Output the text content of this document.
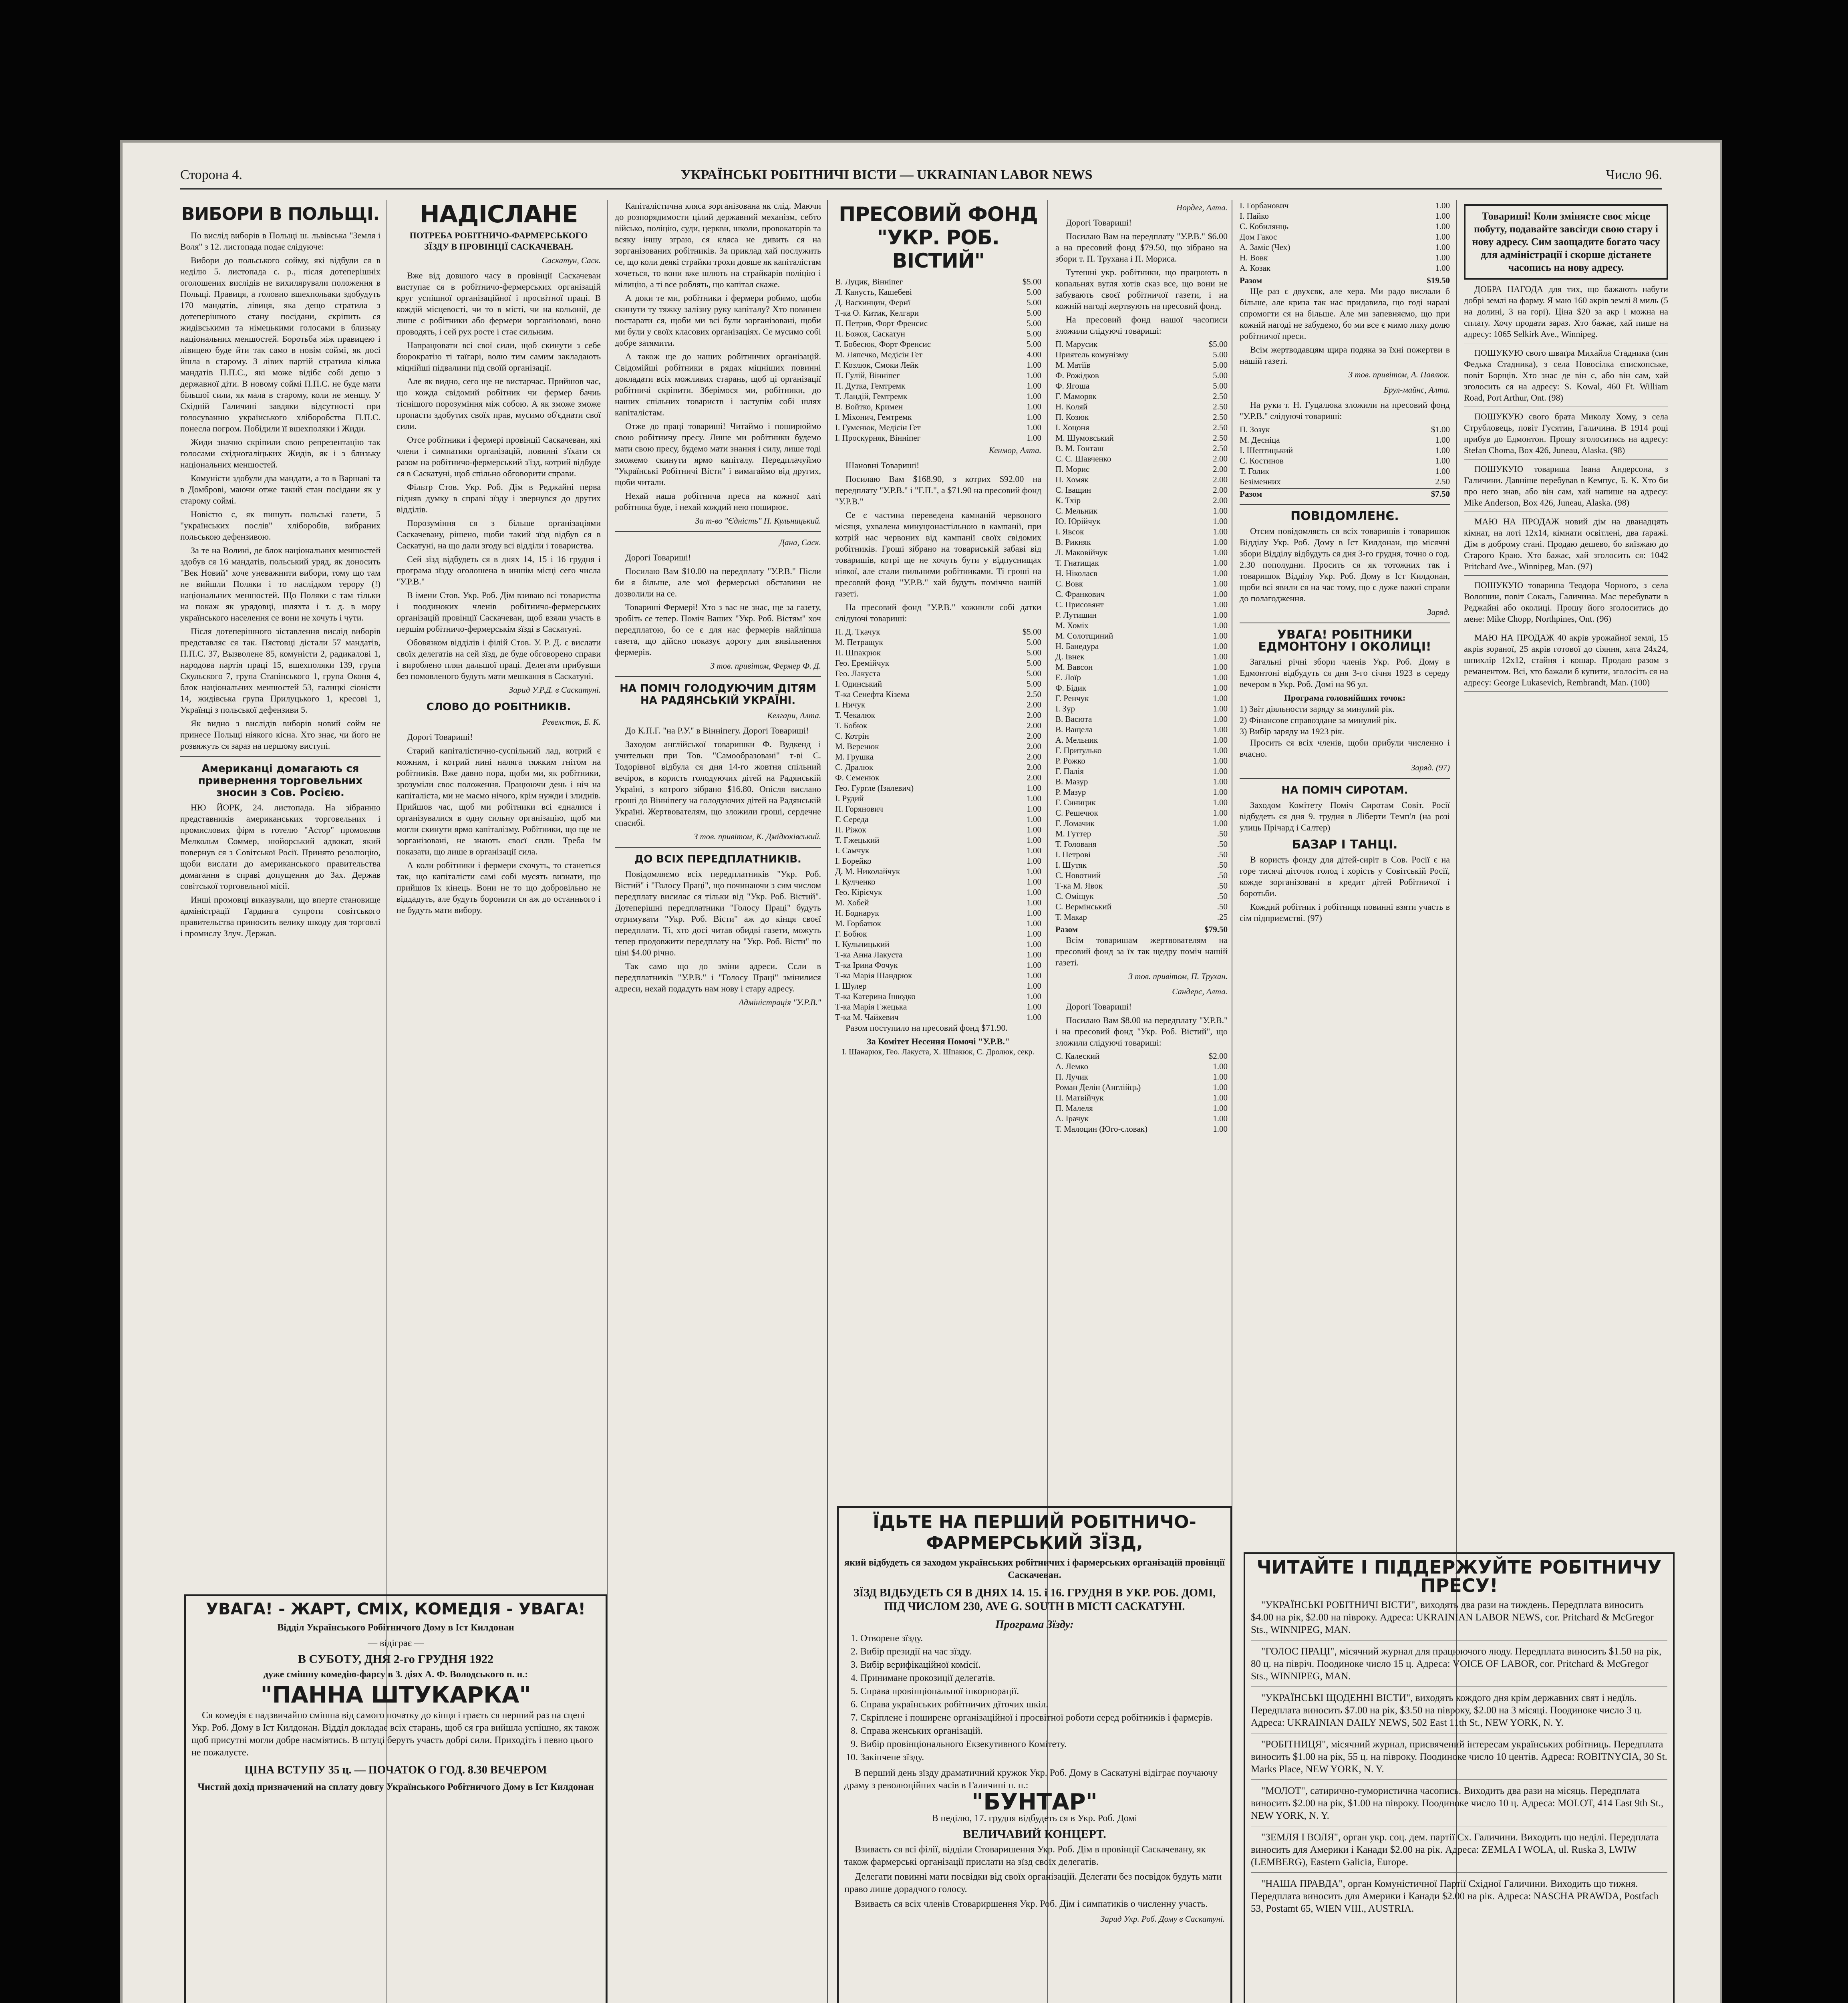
Сторона 4.	УКРАЇНСЬКІ РОБІТНИЧІ ВІСТИ — UKRAINIAN LABOR NEWS	Число 96.
ВИБОРИ В ПОЛЬЩІ.

По вислід виборів в Польщі ш. львівська "Земля і Воля" з 12. листопада подає слідуюче:

Вибори до польського сойму, які відбули ся в неділю 5. листопада с. р., після дотеперішніх оголошених вислідів не вихилярували положення в Польщі. Правиця, а головно вшехпольаки здобудуть 170 мандатів, лівиця, яка дещо стратила з дотеперішного стану посідани, скріпить ся жидівськими та німецькими голосами в близьку національних меншостей. Боротьба між правицею і лівицею буде йти так само в новім соймі, як досі йшла в старому. З лівих партій стратила кілька мандатів П.П.С., які може відібє собі дещо з державної діти. В новому соймі П.П.С. не буде мати більшої сили, як мала в старому, коли не меншу. У Східній Галичині завдяки відсутності при голосуванню українського хліборобства П.П.С. понесла погром. Побідили її вшехполяки і Жиди.

Жиди значно скріпили свою репрезентацію так голосами східногаліцьких Жидів, як і з близьку національних меншостей.

Комуністи здобули два мандати, а то в Варшаві та в Домброві, маючи отже такий стан посідани як у старому соймі.

Новістю є, як пишуть польські газети, 5 "українських послів" хліборобів, вибраних польською дефензивою.

За те на Волині, де блок національних меншостей здобув ся 16 мандатів, польський уряд, як доносить "Век Новий" хоче уневажнити вибори, тому що там не вийшли Поляки і то наслідком терору (!) національних меншостей. Що Поляки є там тільки на покаж як урядовці, шляхта і т. д. в мору українського населення се вони не хочуть і чути.

Після дотеперішного зіставлення вислід виборів представляє ся так. Пястовці дістали 57 мандатів, П.П.С. 37, Вызволене 85, комуністи 2, радикалові 1, народова партія праці 15, вшехполяки 139, група Скульского 7, група Стапінського 1, група Оконя 4, блок національних меншостей 53, галицкі сіоністи 14, жидівська група Прилуцького 1, кресові 1, Українці з польської дефензиви 5.

Як видно з вислідів виборів новий сойм не принесе Польщі ніякого кісна. Хто знає, чи його не розвяжуть ся зараз на першому виступі.

Американці домагають ся привернення торговельних зносин з Сов. Росією.

НЮ ЙОРК, 24. листопада. На зібранню представників американських торговельних і промислових фірм в готелю "Астор" промовляв Мелкольм Соммер, нюйорський адвокат, який повернув ся з Совітської Росії. Принято резолюцію, щоби вислати до американського правительства домагання в справі допущення до Зах. Держав совітської торговельної місії.

Инші промовці виказували, що вперте становище адміністрації Гардинга супроти совітського правительства приносить велику шкоду для торговлі і промислу Злуч. Держав.

НАДІСЛАНЕ
ПОТРЕБА РОБІТНИЧО-ФАРМЕРСЬКОГО ЗЇЗДУ В ПРОВІНЦІЇ САСКАЧЕВАН.
Саскатун, Саск.

Вже від довшого часу в провінції Саскачеван виступає ся в робітничо-фермерських організацій круг успішної організаційної і просвітної праці. В кождій місцевості, чи то в місті, чи на кольонії, де лише є робітники або фермери зорганізовані, воно проводять, і сей рух росте і стає сильним.

Напрацювати всі свої сили, щоб скинути з себе бюрократію ті таїгарі, волю тим самим закладають міцнійші підвалини під своїй організації.

Але як видно, сего ще не вистарчає. Прийшов час, що кожда свідомий робітник чи фермер бачиь тіснішого порозуміння між собою. А як зможе зможе пропасти здобутих своїх прав, мусимо об'єднати свої сили.

Отсе робітники і фермері провінції Саскачеван, які члени і симпатики організацій, повинні з'їхати ся разом на робітничо-фермерський з'їзд, котрий відбуде ся в Саскатуні, щоб спільно обговорити справи.

Фільтр Стов. Укр. Роб. Дім в Реджайні перва підняв думку в справі зїзду і звернувся до других відділів.

Порозуміння ся з більше організаціями Саскачевану, рішено, щоби такий зїзд відбув ся в Саскатуні, на що дали згоду всі відділи і товариства.

Сей зїзд відбудеть ся в днях 14, 15 і 16 грудня і програма зїзду оголошена в иншім місці сего числа "У.Р.В."

В імени Стов. Укр. Роб. Дім взиваю всі товариства і поодиноких членів робітничо-фермерських організацій провінції Саскачеван, щоб взяли участь в першім робітничо-фермерськім зїзді в Саскатуні.

Обовязком відділів і філій Стов. У. Р. Д. є вислати своїх делегатів на сей зїзд, де буде обговорено справи і вироблено плян дальшої праці. Делегати прибувши без помовленого будуть мати мешкання в Саскатуні.

Зарид У.Р.Д. в Саскатуні.
СЛОВО ДО РОБІТНИКІВ.
Ревелсток, Б. К.

Дорогі Товариші!

Старий капіталістично-суспільний лад, котрий є можним, і котрий нині наляга тяжким гнітом на робітників. Вже давно пора, щоби ми, як робітники, зрозуміли своє положення. Працюючи день і ніч на капіталіста, ми не маємо нічого, крім нужди і злиднів. Прийшов час, щоб ми робітники всі єдналися і організувалися в одну сильну організацію, щоб ми могли скинути ярмо капіталізму. Робітники, що ще не зорганізовані, не знають своєї сили. Треба їм показати, що лише в організації сила.

А коли робітники і фермери схочуть, то станеться так, що капіталісти самі собі мусять визнати, що прийшов їх кінець. Вони не то що добровільно не віддадуть, але будуть боронити ся аж до останнього і не будуть мати вибору.

УВАГА! - ЖАРТ, СМІХ, КОМЕДІЯ - УВАГА!
Відділ Українського Робітничого Дому в Іст Килдонан
— відіграє —
В СУБОТУ, ДНЯ 2-го ГРУДНЯ 1922
дуже смішну комедію-фарсу в 3. діях А. Ф. Володського п. н.:
"ПАННА ШТУКАРКА"

Ся комедія є надзвичайно смішна від самого початку до кінця і граєть ся перший раз на сцені Укр. Роб. Дому в Іст Килдонан. Відділ докладає всіх старань, щоб ся гра вийшла успішно, як також щоб присутні могли добре насміятись. В штуці беруть участь добрі сили. Приходіть і певно цього не пожалуєте.

ЦІНА ВСТУПУ 35 ц. — ПОЧАТОК О ГОД. 8.30 ВЕЧЕРОМ
Чистий дохід призначений на сплату довгу Українського Робітничого Дому в Іст Килдонан

Капіталістична кляса зорганізована як слід. Маючи до розпорядимости цілий державний механізм, себто військо, поліцію, суди, церкви, школи, провокаторів та всяку іншу зграю, ся кляса не дивить ся на зорганізованих робітників. За приклад хай послужить се, що коли деякі страйки трохи довше як капіталістам хочеться, то вони вже шлють на страйкарів поліцію і мілицію, а ті все роблять, що капітал скаже.

А доки те ми, робітники і фермери робимо, щоби скинути ту тяжку залізну руку капіталу? Хто повинен постарати ся, щоби ми всі були зорганізовані, щоби ми були у своїх класових організаціях. Се мусимо собі добре затямити.

А також ще до наших робітничих організацій. Свідомійші робітники в рядах міцніших повинні докладати всіх можливих старань, щоб ці організації робітничі скріпити. Зберімося ми, робітники, до наших спільних товариств і заступім собі шлях капіталістам.

Отже до праці товариші! Читаймо і поширюймо свою робітничу пресу. Лише ми робітники будемо мати свою пресу, будемо мати знання і силу, лише тоді зможемо скинути ярмо капіталу. Передплачуймо "Українські Робітничі Вісти" і вимагаймо від других, щоби читали.

Нехай наша робітнича преса на кожної хаті робітника буде, і нехай кождий нею поширює.

За т-во "Єдність" П. Кульницький.
Дана, Саск.

Дорогі Товариші!

Посилаю Вам $10.00 на передплату "У.Р.В." Післи би я більше, але мої фермерські обставини не дозволили на се.

Товариші Фермері! Хто з вас не знає, ще за газету, зробіть се тепер. Поміч Ваших "Укр. Роб. Вістям" хоч передплатою, бо се є для нас фермерів найліпша газета, що дійсно показує дорогу для вивільнення фермерів.

З тов. привітом, Фермер Ф. Д.
НА ПОМІЧ ГОЛОДУЮЧИМ ДІТЯМ НА РАДЯНСЬКІЙ УКРАЇНІ.
Келгари, Алта.

До К.П.Г. "на Р.У." в Вінніпегу. Дорогі Товариші!

Заходом англійської товаришки Ф. Вудкенд і учительки при Тов. "Самообразовані" т-ві С. Тодорівної відбула ся дня 14-го жовтня спільний вечірок, в користь голодуючих дітей на Радянській Україні, з котрого зібрано $16.80. Опісля вислано гроші до Вінніпегу на голодуючих дітей на Радянській Україні. Жертвователям, що зложили гроші, сердечне спасибі.

З тов. привітом, К. Дмідюківський.
ДО ВСІХ ПЕРЕДПЛАТНИКІВ.

Повідомляємо всіх передплатників "Укр. Роб. Вістий" і "Голосу Праці", що починаючи з сим числом передплату висилає ся тільки від "Укр. Роб. Вістий". Дотеперішні передплатники "Голосу Праці" будуть отримувати "Укр. Роб. Вісти" аж до кінця своєї передплати. Ті, хто досі читав обидві газети, можуть тепер продовжити передплату на "Укр. Роб. Вісти" по ціні $4.00 річно.

Так само що до зміни адреси. Єсли в передплатників "У.Р.В." і "Голосу Праці" змінилися адреси, нехай подадуть нам нову і стару адресу.

Адміністрація "У.Р.В."
ПРЕСОВИЙ ФОНД "УКР. РОБ. ВІСТИЙ"
В. Луцик, Вінніпег	$5.00
Л. Канусть, Кашебеві	5.00
Д. Васкинцин, Фернї	5.00
Т-ка О. Китик, Келгари	5.00
П. Петрив, Форт Френсис	5.00
П. Божок, Саскатун	5.00
Т. Бобесюк, Форт Френсис	5.00
М. Ляпечко, Медісін Гет	4.00
Г. Козлюк, Смоки Лейк	1.00
П. Гулій, Вінніпег	1.00
П. Дутка, Гемтремк	1.00
Т. Ландій, Гемтремк	1.00
В. Войтко, Кримен	1.00
І. Міхонич, Гемтремк	1.00
І. Гуменюк, Медісін Гет	1.00
І. Проскурняк, Вінніпег	1.00
Кенмор, Алта.

Шановні Товариші!

Посилаю Вам $168.90, з котрих $92.00 на передплату "У.Р.В." і "Г.П.", а $71.90 на пресовий фонд "У.Р.В."

Се є частина переведена камнаній червоного місяця, ухвалена минуцюнастільною в кампанії, при котрій нас червоних від кампанії своїх свідомих робітників. Гроші зібрано на товариській забаві від товаришів, котрі ще не хочуть бути у відпуснищах ніякої, але стали пильними робітниками. Ті гроші на пресовий фонд "У.Р.В." хай будуть поміччю нашій газеті.

На пресовий фонд "У.Р.В." хожнили собі датки слідуючі товариші:

П. Д. Ткачук	$5.00
М. Петращук	5.00
П. Шпакрюк	5.00
Гео. Еремійчук	5.00
Гео. Лакуста	5.00
І. Одинський	5.00
Т-ка Сенефта Кізема	2.50
І. Ничук	2.00
Т. Чекалюк	2.00
Т. Бобюк	2.00
С. Котрін	2.00
М. Веренюк	2.00
М. Грушка	2.00
С. Дралюк	2.00
Ф. Семенюк	2.00
Гео. Гургле (Ізалевич)	1.00
І. Рудий	1.00
П. Горянович	1.00
Г. Середа	1.00
П. Ріжок	1.00
Т. Гжецький	1.00
І. Самчук	1.00
І. Борейко	1.00
Д. М. Николайчук	1.00
І. Кулченко	1.00
Гео. Кірієчук	1.00
М. Хобей	1.00
Н. Боднарук	1.00
М. Горбатюк	1.00
Г. Бобюк	1.00
І. Кульницький	1.00
Т-ка Анна Лакуста	1.00
Т-ка Ірина Фочук	1.00
Т-ка Марія Шандрюк	1.00
І. Шулер	1.00
Т-ка Катерина Ішюдко	1.00
Т-ка Марія Гжецька	1.00
Т-ка М. Чайкевич	1.00

Разом поступило на пресовий фонд $71.90.

За Комітет Несення Помочі "У.Р.В."
І. Шанарюк, Гео. Лакуста, Х. Шпакюк, С. Дролюк, секр.
Нордег, Алта.

Дорогі Товариші!

Посилаю Вам на передплату "У.Р.В." $6.00 а на пресовий фонд $79.50, що зібрано на збори т. П. Трухана і П. Мориса.

Тутешні укр. робітники, що працюють в копальнях вугля хотів сказ все, що вони не забувають своєї робітничої газети, і на кожній нагоді жертвують на пресовий фонд.

На пресовий фонд нашої часописи зложили слідуючі товариші:

П. Марусик	$5.00
Приятель комунізму	5.00
М. Матіїв	5.00
Ф. Рожідков	5.00
Ф. Ягоша	5.00
Г. Маморяк	2.50
Н. Коляй	2.50
П. Козюк	2.50
І. Хоцоня	2.50
М. Шумовський	2.50
В. М. Гонташ	2.50
С. С. Шавченко	2.00
П. Морис	2.00
П. Хомяк	2.00
С. Іващин	2.00
К. Тхір	2.00
С. Мельник	1.00
Ю. Юрійчук	1.00
І. Явсок	1.00
В. Рикняк	1.00
Л. Маковійчук	1.00
Т. Гнатищак	1.00
Н. Ніколаєв	1.00
С. Вовк	1.00
С. Франкович	1.00
С. Присовянт	1.00
Р. Лутишин	1.00
М. Хоміх	1.00
М. Солотщиний	1.00
Н. Банедура	1.00
Д. Івнек	1.00
М. Вавсон	1.00
Е. Лоїр	1.00
Ф. Бідик	1.00
Г. Ренчук	1.00
І. Зур	1.00
В. Васюта	1.00
В. Ващела	1.00
А. Мельник	1.00
Г. Притулько	1.00
Р. Рожко	1.00
Г. Палія	1.00
В. Мазур	1.00
Р. Мазур	1.00
Г. Синицик	1.00
С. Решечюк	1.00
Г. Ломачик	1.00
М. Гуттер	.50
Т. Голованя	.50
І. Петрові	.50
І. Шутяк	.50
С. Новотний	.50
Т-ка М. Явок	.50
С. Оміщук	.50
С. Вермінський	.50
Т. Макар	.25
Разом	$79.50

Всім товаришам жертвователям на пресовий фонд за їх так щедру поміч нашій газеті.

З тов. привітом, П. Трухан.
Сандерс, Алта.

Дорогі Товариші!

Посилаю Вам $8.00 на передплату "У.Р.В." і на пресовий фонд "Укр. Роб. Вістий", що зложили слідуючі товариші:

С. Калеский	$2.00
А. Лемко	1.00
П. Лучик	1.00
Роман Делін (Англійць)	1.00
П. Матвійчук	1.00
П. Малеля	1.00
А. Ірачук	1.00
Т. Малоцин (Юго-словак)	1.00
ЇДЬТЕ НА ПЕРШИЙ РОБІТНИЧО-ФАРМЕРСЬКИЙ ЗЇЗД,
який відбудеть ся заходом українських робітничих і фармерських організацій провінції Саскачеван.
ЗЇЗД ВІДБУДЕТЬ СЯ В ДНЯХ 14. 15. і 16. ГРУДНЯ В УКР. РОБ. ДОМІ, ПІД ЧИСЛОМ 230, AVE G. SOUTH В МІСТІ САСКАТУНІ.
Програма Зїзду:
1. Отворене зїзду.
2. Вибір президії на час зїзду.
3. Вибір верифікаційної комісії.
4. Принимане прокозиції делегатів.
5. Справа провінціональної інкорпорації.
6. Справа українських робітничих дїточих шкіл.
7. Скріплене і поширене організаційної і просвітної роботи серед робітників і фармерів.
8. Справа женських організацій.
9. Вибір провінціонального Екзекутивного Комітету.
10. Закінчене зїзду.

В перший день зїзду драматичний кружок Укр. Роб. Дому в Саскатуні відіграє поучаючу драму з революційних часів в Галичині п. н.:

"БУНТАР"
В неділю, 17. грудня відбудеть ся в Укр. Роб. Домі
ВЕЛИЧАВИЙ КОНЦЕРТ.

Взиваєть ся всі філії, відділи Стоваришення Укр. Роб. Дім в провінції Саскачевану, як також фармерські організації прислати на зїзд своїх делегатів.

Делегати повинні мати посвідки від своїх організацій. Делегати без посвідок будуть мати право лише дорадчого голосу.

Взиваєть ся всіх членів Стовариршення Укр. Роб. Дім і симпатиків о численну участь.

Зарид Укр. Роб. Дому в Саскатуні.
І. Горбанович	1.00
І. Пайко	1.00
С. Кобилянць	1.00
Дом Гакос	1.00
А. Заміс (Чех)	1.00
Н. Вовк	1.00
А. Козак	1.00
Разом	$19.50

Ще раз є двухєвк, але хера. Ми радо вислали б більше, але криза так нас придавила, що годі наразі спромогти ся на більше. Але ми запевняємо, що при кожній нагоді не забудемо, бо ми все є мимо лиху долю робітничої преси.

Всім жертводавцям щира подяка за їхні пожертви в нашій газеті.

З тов. привітом, А. Павлюк.
Брул-майнс, Алта.

На руки т. Н. Гуцалюка зложили на пресовий фонд "У.Р.В." слідуючі товариші:

П. Зозук	$1.00
М. Десніца	1.00
І. Шептицький	1.00
С. Костинов	1.00
Т. Голик	1.00
Безіменних	2.50
Разом	$7.50
ПОВІДОМЛЕНЄ.

Отсим повідомляєть ся всіх товаришів і товаришок Відділу Укр. Роб. Дому в Іст Килдонан, що місячні збори Відділу відбудуть ся дня 3-го грудня, точно о год. 2.30 пополудни. Просить ся як тотожних так і товаришок Відділу Укр. Роб. Дому в Іст Килдонан, щоби всі явили ся на час тому, що є дуже важні справи до полагодження.

Заряд.
УВАГА! РОБІТНИКИ ЕДМОНТОНУ І ОКОЛИЦІ!

Загальні річні збори членів Укр. Роб. Дому в Едмонтоні відбудуть ся дня 3-го січня 1923 в середу вечером в Укр. Роб. Домі на 96 ул.

Програма головнійших точок:
1) Звіт діяльности заряду за минулий рік.
2) Фінансове справоздане за минулий рік.
3) Вибір заряду на 1923 рік.

Просить ся всіх членів, щоби прибули численно і вчасно.

Заряд. (97)
НА ПОМІЧ СИРОТАМ.

Заходом Комітету Поміч Сиротам Совіт. Росії відбудеть ся дня 9. грудня в Ліберти Темп'л (на розі улиць Прічард і Салтер)

БАЗАР І ТАНЦІ.

В користь фонду для дітей-сиріт в Сов. Росії є на горе тисячі діточок голод і хорість у Совітській Росії, кожде зорганізовані в кредит дітей Робітничої і боротьби.

Кождий робітник і робітниця повинні взяти участь в сім підприємстві. (97)

Товариші! Коли зміняєте своє місце побуту, подавайте завсігди свою стару і нову адресу. Сим зaощадите богато часу для адміністрації і скорше дістанете часопись на нову адресу.

ДОБРА НАГОДА для тих, що бажають набути добрі землі на фарму. Я маю 160 акрів землі 8 миль (5 на долині, 3 на горі). Ціна $20 за акр і можна на сплату. Хочу продати зараз. Хто бажає, хай пише на адресу: 1065 Selkirk Ave., Winnipeg.

ПОШУКУЮ свого шваґра Михайла Стадника (син Федька Стадника), з села Новосілка єпископське, повіт Борщів. Хто знає де він є, або він сам, хай зголосить ся на адресу: S. Kowal, 460 Ft. William Road, Port Arthur, Ont. (98)

ПОШУКУЮ свого брата Миколу Хому, з села Струбловець, повіт Гусятин, Галичина. В 1914 році прибув до Едмонтон. Прошу зголоситись на адресу: Stefan Choma, Box 426, Juneau, Alaska. (98)

ПОШУКУЮ товариша Івана Андерсона, з Галичини. Давніше перебував в Кемпус, Б. К. Хто би про него знав, або він сам, хай напише на адресу: Mike Anderson, Box 426, Juneau, Alaska. (98)

МАЮ НА ПРОДАЖ новий дім на дванадцять кімнат, на лоті 12x14, кімнати освітлені, два ґаражі. Дім в доброму стані. Продаю дешево, бо виїзжаю до Старого Краю. Хто бажає, хай зголосить ся: 1042 Pritchard Ave., Winnipeg, Man. (97)

ПОШУКУЮ товариша Теодора Чорного, з села Волошин, повіт Сокаль, Галичина. Має перебувати в Реджайні або околиці. Прошу його зголоситись до мене: Mike Chopp, Northpines, Ont. (96)

МАЮ НА ПРОДАЖ 40 акрів урожайної землі, 15 акрів зораної, 25 акрів готової до сіяння, хата 24x24, шпихлір 12x12, стайня і кошар. Продаю разом з реманентом. Всі, хто бажали б купити, зголосіть ся на адресу: George Lukasevich, Rembrandt, Man. (100)

ЧИТАЙТЕ І ПІДДЕРЖУЙТЕ РОБІТНИЧУ ПРЕСУ!

"УКРАЇНСЬКІ РОБІТНИЧІ ВІСТИ", виходять два рази на тиждень. Передплата виносить $4.00 на рік, $2.00 на півроку. Адреса: UKRAINIAN LABOR NEWS, cor. Pritchard & McGregor Sts., WINNIPEG, MAN.

"ГОЛОС ПРАЦІ", місячний журнал для працюючого люду. Передплата виносить $1.50 на рік, 80 ц. на півріч. Поодиноке число 15 ц. Адреса: VOICE OF LABOR, cor. Pritchard & McGregor Sts., WINNIPEG, MAN.

"УКРАЇНСЬКІ ЩОДЕННІ ВІСТИ", виходять кождого дня крім державних свят і недїль. Передплата виносить $7.00 на рік, $3.50 на півроку, $2.00 на 3 місяці. Поодиноке число 3 ц. Адреса: UKRAINIAN DAILY NEWS, 502 East 11th St., NEW YORK, N. Y.

"РОБІТНИЦЯ", місячний журнал, присвячений інтересам українських робітниць. Передплата виносить $1.00 на рік, 55 ц. на півроку. Поодиноке число 10 центів. Адреса: ROBITNYCIA, 30 St. Marks Place, NEW YORK, N. Y.

"МОЛОТ", сатирично-гумористична часопись. Виходить два рази на місяць. Передплата виносить $2.00 на рік, $1.00 на півроку. Поодиноке число 10 ц. Адреса: MOLOT, 414 East 9th St., NEW YORK, N. Y.

"ЗЕМЛЯ І ВОЛЯ", орган укр. соц. дем. партії Сх. Галичини. Виходить що неділі. Передплата виносить для Америки і Канади $2.00 на рік. Адреса: ZEMLA I WOLA, ul. Ruska 3, LWIW (LEMBERG), Eastern Galicia, Europe.

"НАША ПРАВДА", орган Комуністичної Партії Східної Галичини. Виходить що тижня. Передплата виносить для Америки і Канади $2.00 на рік. Адреса: NASCHA PRAWDA, Postfach 53, Postamt 65, WIEN VIII., AUSTRIA.
